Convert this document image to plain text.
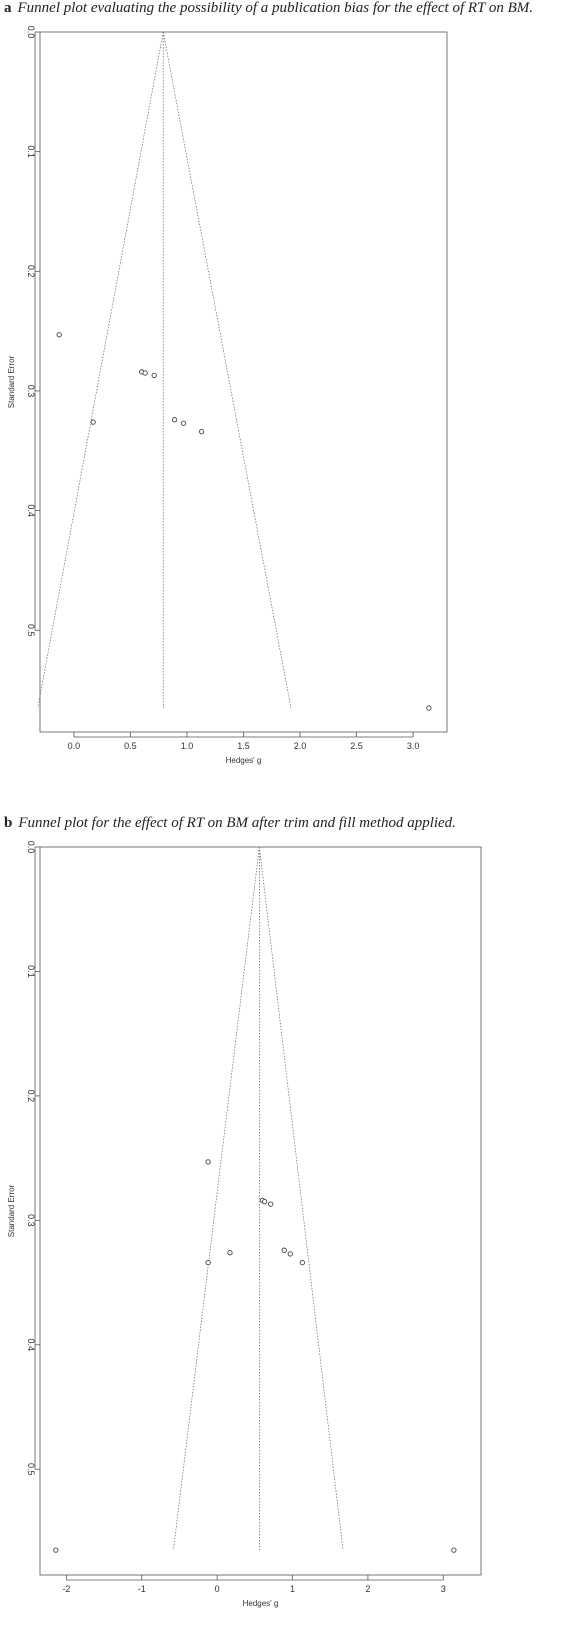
a Funnel plot evaluating the possibility of a publication bias for the effect of RT on BM.
0.0	0.5	1.0	1.5	2.0	2.5	3.0
0.0
0.1
0.2
0.3
0.4
0.5
Hedges' g
Standard Error
b Funnel plot for the effect of RT on BM after trim and fill method applied.
-2	-1	0	1	2	3
0.0
0.1
0.2
0.3
0.4
0.5
Hedges' g
Standard Error
